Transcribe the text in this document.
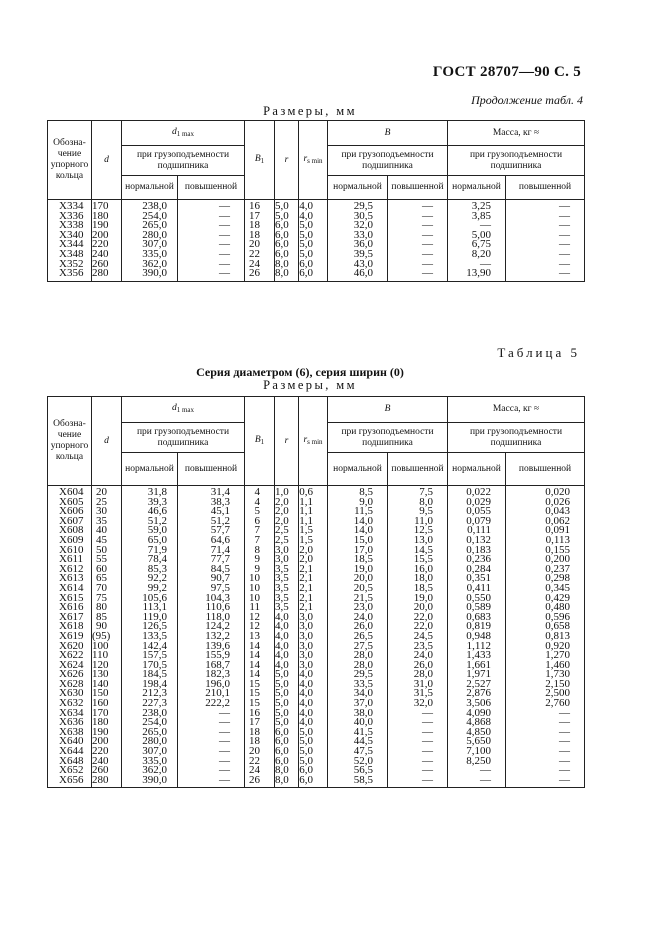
ГОСТ 28707—90 С. 5
Продолжение табл. 4
Размеры, мм
Обозна-чение упорного кольца	d	$d_{1 max}$		$B_1$	r	$r_{s min}$	B		Масса, кг ≈	
		при грузоподъемности подшипника					при грузоподъемности подшипника		при грузоподъемности подшипника	
		нормальной	повышенной				нормальной	повышенной	нормальной	повышенной
X334	170	238,0	—	16	5,0	4,0	29,5	—	3,25	—
X336	180	254,0	—	17	5,0	4,0	30,5	—	3,85	—
X338	190	265,0	—	18	6,0	5,0	32,0	—	—	—
X340	200	280,0	—	18	6,0	5,0	33,0	—	5,00	—
X344	220	307,0	—	20	6,0	5,0	36,0	—	6,75	—
X348	240	335,0	—	22	6,0	5,0	39,5	—	8,20	—
X352	260	362,0	—	24	8,0	6,0	43,0	—	—	—
X356	280	390,0	—	26	8,0	6,0	46,0	—	13,90	—
Таблица 5
Серия диаметром (6), серия ширин (0)
Размеры, мм
Обозна-чение упорного кольца	d	$d_{1 max}$		$B_1$	r	$r_{s min}$	B		Масса, кг ≈	
		при грузоподъемности подшипника					при грузоподъемности подшипника		при грузоподъемности подшипника	
		нормальной	повышенной				нормальной	повышенной	нормальной	повышенной
X604	20	31,8	31,4	4	1,0	0,6	8,5	7,5	0,022	0,020
X605	25	39,3	38,3	4	2,0	1,1	9,0	8,0	0,029	0,026
X606	30	46,6	45,1	5	2,0	1,1	11,5	9,5	0,055	0,043
X607	35	51,2	51,2	6	2,0	1,1	14,0	11,0	0,079	0,062
X608	40	59,0	57,7	7	2,5	1,5	14,0	12,5	0,111	0,091
X609	45	65,0	64,6	7	2,5	1,5	15,0	13,0	0,132	0,113
X610	50	71,9	71,4	8	3,0	2,0	17,0	14,5	0,183	0,155
X611	55	78,4	77,7	9	3,0	2,0	18,5	15,5	0,236	0,200
X612	60	85,3	84,5	9	3,5	2,1	19,0	16,0	0,284	0,237
X613	65	92,2	90,7	10	3,5	2,1	20,0	18,0	0,351	0,298
X614	70	99,2	97,5	10	3,5	2,1	20,5	18,5	0,411	0,345
X615	75	105,6	104,3	10	3,5	2,1	21,5	19,0	0,550	0,429
X616	80	113,1	110,6	11	3,5	2,1	23,0	20,0	0,589	0,480
X617	85	119,0	118,0	12	4,0	3,0	24,0	22,0	0,683	0,596
X618	90	126,5	124,2	12	4,0	3,0	26,0	22,0	0,819	0,658
X619	(95)	133,5	132,2	13	4,0	3,0	26,5	24,5	0,948	0,813
X620	100	142,4	139,6	14	4,0	3,0	27,5	23,5	1,112	0,920
X622	110	157,5	155,9	14	4,0	3,0	28,0	24,0	1,433	1,270
X624	120	170,5	168,7	14	4,0	3,0	28,0	26,0	1,661	1,460
X626	130	184,5	182,3	14	5,0	4,0	29,5	28,0	1,971	1,730
X628	140	198,4	196,0	15	5,0	4,0	33,5	31,0	2,527	2,150
X630	150	212,3	210,1	15	5,0	4,0	34,0	31,5	2,876	2,500
X632	160	227,3	222,2	15	5,0	4,0	37,0	32,0	3,506	2,760
X634	170	238,0	—	16	5,0	4,0	38,0	—	4,090	—
X636	180	254,0	—	17	5,0	4,0	40,0	—	4,868	—
X638	190	265,0	—	18	6,0	5,0	41,5	—	4,850	—
X640	200	280,0	—	18	6,0	5,0	44,5	—	5,650	—
X644	220	307,0	—	20	6,0	5,0	47,5	—	7,100	—
X648	240	335,0	—	22	6,0	5,0	52,0	—	8,250	—
X652	260	362,0	—	24	8,0	6,0	56,5	—	—	—
X656	280	390,0	—	26	8,0	6,0	58,5	—	—	—
